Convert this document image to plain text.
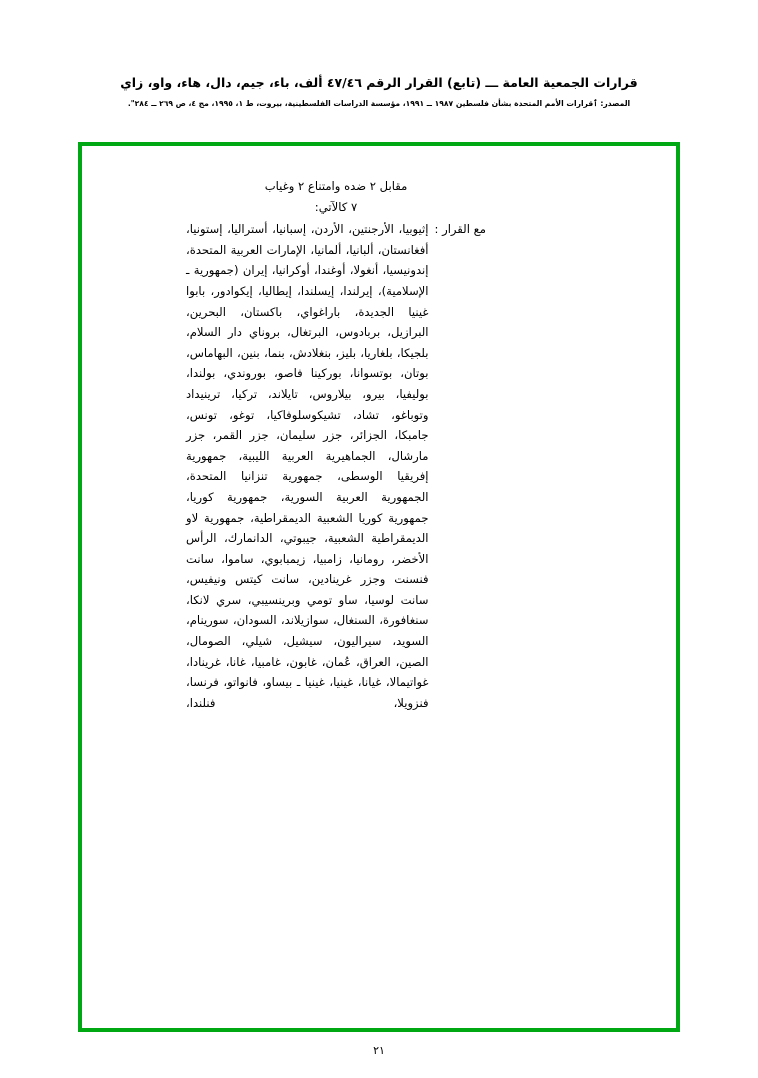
قرارات الجمعية العامة ـــ (تابع) القرار الرقم ٤٧/٤٦ ألف، باء، جيم، دال، هاء، واو، زاي
المصدر: ٲقرارات الأمم المتحدة بشأن فلسطين ١٩٨٧ ــ ١٩٩١، مؤسسة الدراسات الفلسطينية، بيروت، ط ١، ١٩٩٥، مج ٤، ص ٢٦٩ ــ ٢٨٤".
مقابل ٢ ضده وامتناع ٢ وغياب
٧ كالآتي:
مع القرار :
إثيوبيا، الأرجنتين، الأردن، إسبانيا، أستراليا، إستونيا، أفغانستان، ألبانيا، ألمانيا، الإمارات العربية المتحدة، إندونيسيا، أنغولا، أوغندا، أوكرانيا، إيران (جمهورية ـ الإسلامية)، إيرلندا، إيسلندا، إيطاليا، إيكوادور، بابوا غينيا الجديدة، باراغواي، باكستان، البحرين، البرازيل، بربادوس، البرتغال، بروناي دار السلام، بلجيكا، بلغاريا، بليز، بنغلادش، بنما، بنين، البهاماس، بوتان، بوتسوانا، بوركينا فاصو، بوروندي، بولندا، بوليفيا، بيرو، بيلاروس، تايلاند، تركيا، ترينيداد وتوباغو، تشاد، تشيكوسلوفاكيا، توغو، تونس، جامبكا، الجزائر، جزر سليمان، جزر القمر، جزر مارشال، الجماهيرية العربية الليبية، جمهورية إفريقيا الوسطى، جمهورية تنزانيا المتحدة، الجمهورية العربية السورية، جمهورية كوريا، جمهورية كوريا الشعبية الديمقراطية، جمهورية لاو الديمقراطية الشعبية، جيبوتي، الدانمارك، الرأس الأخضر، رومانيا، زامبيا، زيمبابوي، ساموا، سانت فنسنت وجزر غرينادين، سانت كيتس ونيفيس، سانت لوسيا، ساو تومي وبرينسيبي، سري لانكا، سنغافورة، السنغال، سوازيلاند، السودان، سورينام، السويد، سيراليون، سيشيل، شيلي، الصومال، الصين، العراق، عُمان، غابون، غامبيا، غانا، غرينادا، غواتيمالا، غيانا، غينيا، غينيا ـ بيساو، فانواتو، فرنسا، فنزويلا، فنلندا،
٢١
